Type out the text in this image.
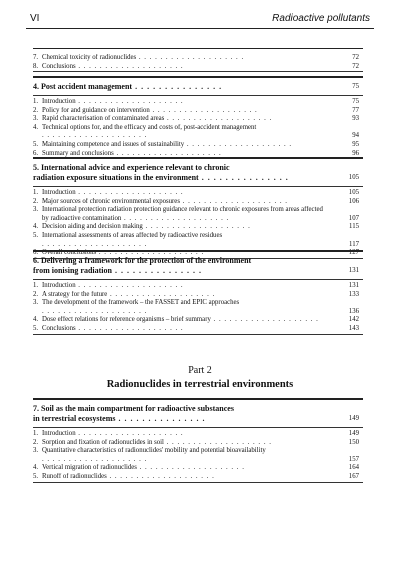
VI	Radioactive pollutants
7. Chemical toxicity of radionuclides . . . . . . . . . . . . . . . . . . . .	72
8. Conclusions . . . . . . . . . . . . . . . . . . . .	72
4. Post accident management . . . . . . . . . . . . . . .	75
1. Introduction . . . . . . . . . . . . . . . . . . . .	75
2. Policy for and guidance on intervention . . . . . . . . . . . . . . . . . . . .	77
3. Rapid characterisation of contaminated areas . . . . . . . . . . . . . . . . . . . .	93
4. Technical options for, and the efficacy and costs of, post-accident management . . . . . . . . . . . . . . . . . . . .	94
5. Maintaining competence and issues of sustainability . . . . . . . . . . . . . . . . . . . .	95
6. Summary and conclusions . . . . . . . . . . . . . . . . . . . .	96
5. International advice and experience relevant to chronic
radiation exposure situations in the environment . . . . . . . . . . . . . . .	105
1. Introduction . . . . . . . . . . . . . . . . . . . .	105
2. Major sources of chronic environmental exposures . . . . . . . . . . . . . . . . . . . .	106
3. International protection radiation protection guidance relevant to chronic exposures from areas affected by radioactive contamination . . . . . . . . . . . . . . . . . . . .	107
4. Decision aiding and decision making . . . . . . . . . . . . . . . . . . . .	115
5. International assessments of areas affected by radioactive residues . . . . . . . . . . . . . . . . . . . .	117
6. Overall conclusions . . . . . . . . . . . . . . . . . . . .	127
6. Delivering a framework for the protection of the environment
from ionising radiation . . . . . . . . . . . . . . .	131
1. Introduction . . . . . . . . . . . . . . . . . . . .	131
2. A strategy for the future . . . . . . . . . . . . . . . . . . . .	133
3. The development of the framework – the FASSET and EPIC approaches . . . . . . . . . . . . . . . . . . . .	136
4. Dose effect relations for reference organisms – brief summary . . . . . . . . . . . . . . . . . . . .	142
5. Conclusions . . . . . . . . . . . . . . . . . . . .	143
Part 2
Radionuclides in terrestrial environments
7. Soil as the main compartment for radioactive substances
in terrestrial ecosystems . . . . . . . . . . . . . . .	149
1. Introduction . . . . . . . . . . . . . . . . . . . .	149
2. Sorption and fixation of radionuclides in soil . . . . . . . . . . . . . . . . . . . .	150
3. Quantitative characteristics of radionuclides' mobility and potential bioavailability . . . . . . . . . . . . . . . . . . . .	157
4. Vertical migration of radionuclides . . . . . . . . . . . . . . . . . . . .	164
5. Runoff of radionuclides . . . . . . . . . . . . . . . . . . . .	167
